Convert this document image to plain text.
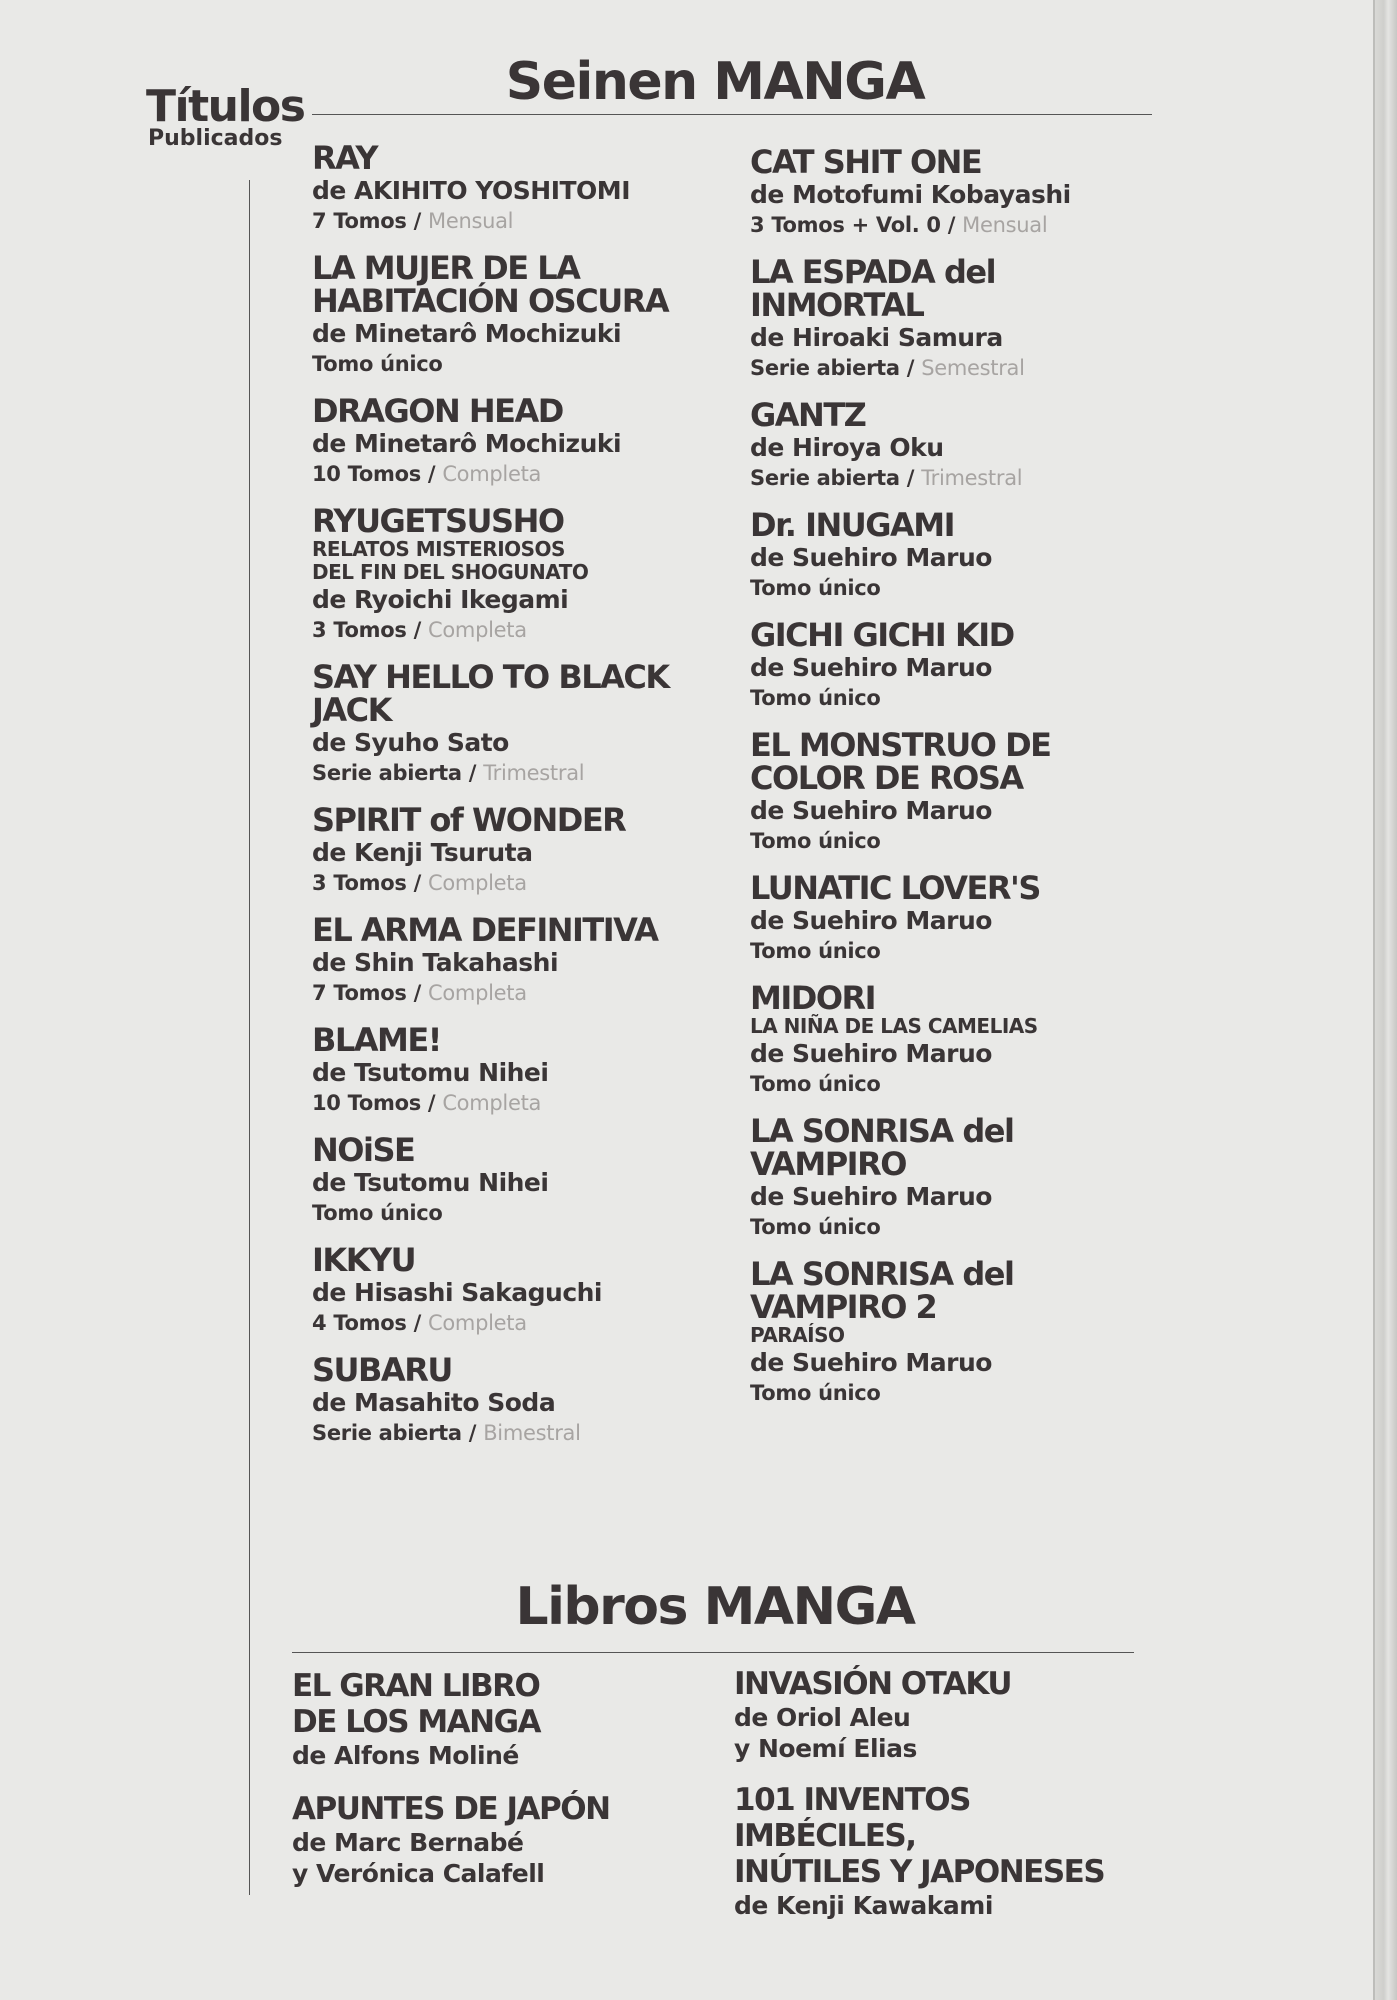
Títulos
Publicados
Seinen MANGA
RAY
de AKIHITO YOSHITOMI
7 Tomos / Mensual
LA MUJER DE LA
HABITACIÓN OSCURA
de Minetarô Mochizuki
Tomo único
DRAGON HEAD
de Minetarô Mochizuki
10 Tomos / Completa
RYUGETSUSHO
RELATOS MISTERIOSOS
DEL FIN DEL SHOGUNATO
de Ryoichi Ikegami
3 Tomos / Completa
SAY HELLO TO BLACK JACK
de Syuho Sato
Serie abierta / Trimestral
SPIRIT of WONDER
de Kenji Tsuruta
3 Tomos / Completa
EL ARMA DEFINITIVA
de Shin Takahashi
7 Tomos / Completa
BLAME!
de Tsutomu Nihei
10 Tomos / Completa
NOiSE
de Tsutomu Nihei
Tomo único
IKKYU
de Hisashi Sakaguchi
4 Tomos / Completa
SUBARU
de Masahito Soda
Serie abierta / Bimestral
CAT SHIT ONE
de Motofumi Kobayashi
3 Tomos + Vol. 0 / Mensual
LA ESPADA del INMORTAL
de Hiroaki Samura
Serie abierta / Semestral
GANTZ
de Hiroya Oku
Serie abierta / Trimestral
Dr. INUGAMI
de Suehiro Maruo
Tomo único
GICHI GICHI KID
de Suehiro Maruo
Tomo único
EL MONSTRUO DE
COLOR DE ROSA
de Suehiro Maruo
Tomo único
LUNATIC LOVER'S
de Suehiro Maruo
Tomo único
MIDORI
LA NIÑA DE LAS CAMELIAS
de Suehiro Maruo
Tomo único
LA SONRISA del VAMPIRO
de Suehiro Maruo
Tomo único
LA SONRISA del VAMPIRO 2
PARAÍSO
de Suehiro Maruo
Tomo único
Libros MANGA
EL GRAN LIBRO
DE LOS MANGA
de Alfons Moliné
APUNTES DE JAPÓN
de Marc Bernabé
y Verónica Calafell
INVASIÓN OTAKU
de Oriol Aleu
y Noemí Elias
101 INVENTOS IMBÉCILES,
INÚTILES Y JAPONESES
de Kenji Kawakami
